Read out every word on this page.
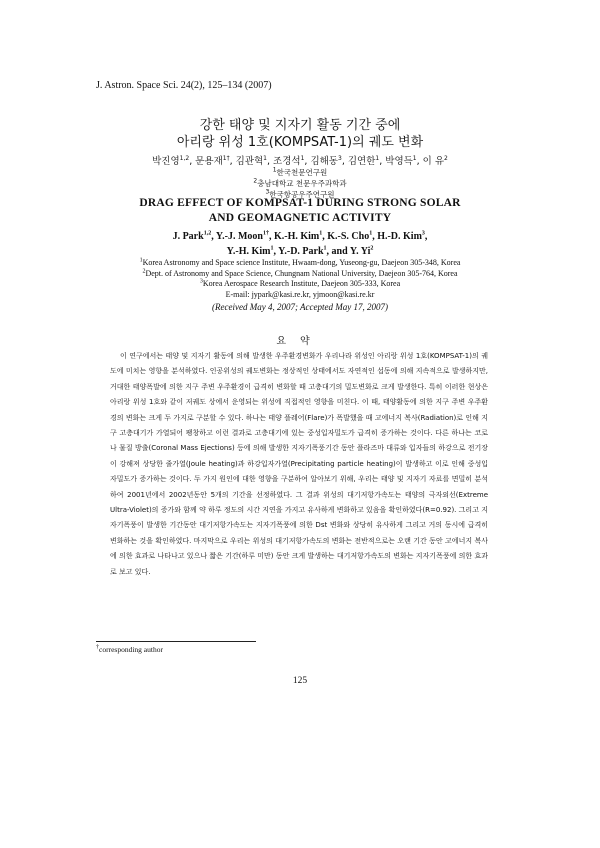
J. Astron. Space Sci. 24(2), 125–134 (2007)
강한 태양 및 지자기 활동 기간 중에
아리랑 위성 1호(KOMPSAT-1)의 궤도 변화
박진영$^{1,2}$, 문용재$^{1\dagger}$, 김관혁$^1$, 조경석$^1$, 김해동$^3$, 김연한$^1$, 박영득$^1$, 이 유$^2$
$^1$한국천문연구원
$^2$충남대학교 천문우주과학과
$^3$한국항공우주연구원
DRAG EFFECT OF KOMPSAT-1 DURING STRONG SOLAR
AND GEOMAGNETIC ACTIVITY
J. Park$^{1,2}$, Y.-J. Moon$^{1\dagger}$, K.-H. Kim$^1$, K.-S. Cho$^1$, H.-D. Kim$^3$,
Y.-H. Kim$^1$, Y.-D. Park$^1$, and Y. Yi$^2$
$^1$Korea Astronomy and Space science Institute, Hwaam-dong, Yuseong-gu, Daejeon 305-348, Korea
$^2$Dept. of Astronomy and Space Science, Chungnam National University, Daejeon 305-764, Korea
$^3$Korea Aerospace Research Institute, Daejeon 305-333, Korea
E-mail: jypark@kasi.re.kr, yjmoon@kasi.re.kr
(Received May 4, 2007; Accepted May 17, 2007)
요약

이 연구에서는 태양 및 지자기 활동에 의해 발생한 우주환경변화가 우리나라 위성인 아리랑 위성 1호(KOMPSAT-1)의 궤도에 미치는 영향을 분석하였다. 인공위성의 궤도변화는 정상적인 상태에서도 자연적인 섭동에 의해 지속적으로 발생하지만, 거대한 태양폭발에 의한 지구 주변 우주환경이 급격히 변화할 때 고층대기의 밀도변화로 크게 발생한다. 특히 이러한 현상은 아리랑 위성 1호와 같이 저궤도 상에서 운영되는 위성에 직접적인 영향을 미친다. 이 때, 태양활동에 의한 지구 주변 우주환경의 변화는 크게 두 가지로 구분할 수 있다. 하나는 태양 플레어(Flare)가 폭발했을 때 고에너지 복사(Radiation)로 인해 지구 고층대기가 가열되어 팽창하고 이런 결과로 고층대기에 있는 중성입자밀도가 급격히 증가하는 것이다. 다른 하나는 코로나 물질 방출(Coronal Mass Ejections) 등에 의해 발생한 지자기폭풍기간 동안 플라즈마 대류와 입자들의 하강으로 전기장이 강해져 상당한 줄가열(Joule heating)과 하강입자가열(Precipitating particle heating)이 발생하고 이로 인해 중성입자밀도가 증가하는 것이다. 두 가지 원인에 대한 영향을 구분하여 알아보기 위해, 우리는 태양 및 지자기 자료를 면밀히 분석하여 2001년에서 2002년동안 5개의 기간을 선정하였다. 그 결과 위성의 대기저항가속도는 태양의 극자외선(Extreme Ultra-Violet)의 증가와 함께 약 하루 정도의 시간 지연을 가지고 유사하게 변화하고 있음을 확인하였다(R=0.92). 그리고 지자기폭풍이 발생한 기간동안 대기저항가속도는 지자기폭풍에 의한 Dst 변화와 상당히 유사하게 그리고 거의 동시에 급격히 변화하는 것을 확인하였다. 마지막으로 우리는 위성의 대기저항가속도의 변화는 전반적으로는 오랜 기간 동안 고에너지 복사에 의한 효과로 나타나고 있으나 짧은 기간(하루 미만) 동안 크게 발생하는 대기저항가속도의 변화는 지자기폭풍에 의한 효과로 보고 있다.

†corresponding author
125
